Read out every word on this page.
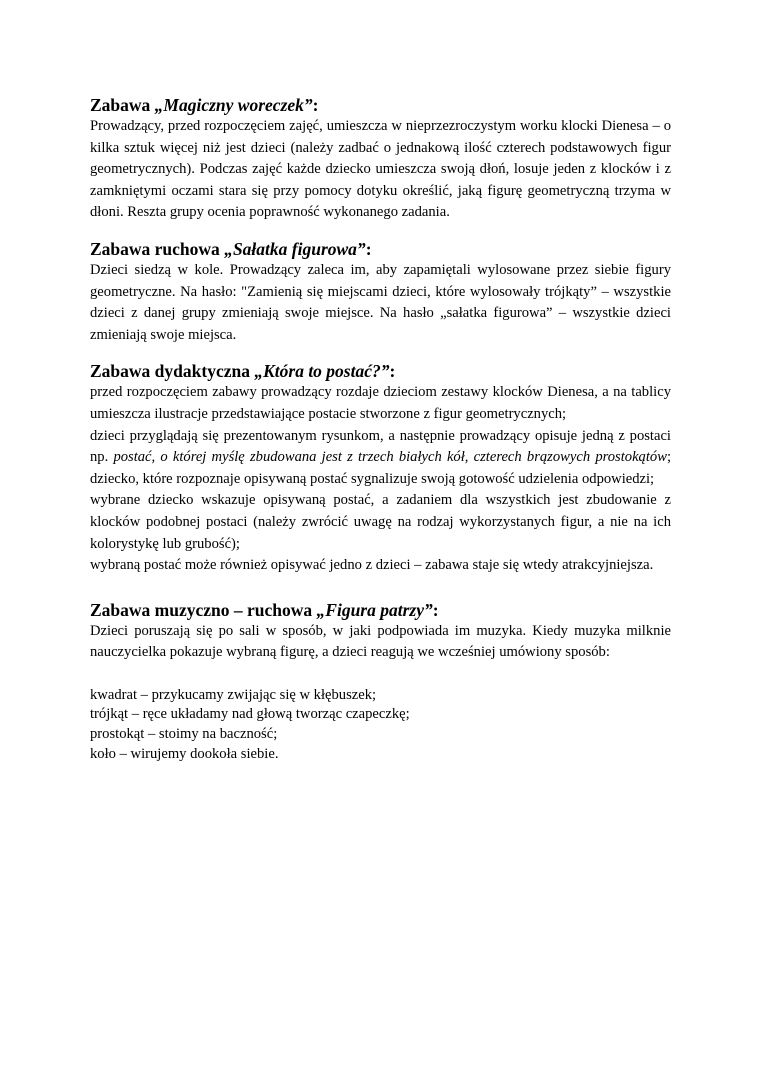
Zabawa „Magiczny woreczek”:

Prowadzący, przed rozpoczęciem zajęć, umieszcza w nieprzezroczystym worku klocki Dienesa – o kilka sztuk więcej niż jest dzieci (należy zadbać o jednakową ilość czterech podstawowych figur geometrycznych). Podczas zajęć każde dziecko umieszcza swoją dłoń, losuje jeden z klocków i z zamkniętymi oczami stara się przy pomocy dotyku określić, jaką figurę geometryczną trzyma w dłoni. Reszta grupy ocenia poprawność wykonanego zadania.

Zabawa ruchowa „Sałatka figurowa”:

Dzieci siedzą w kole. Prowadzący zaleca im, aby zapamiętali wylosowane przez siebie figury geometryczne. Na hasło: "Zamienią się miejscami dzieci, które wylosowały trójkąty” – wszystkie dzieci z danej grupy zmieniają swoje miejsce. Na hasło „sałatka figurowa” – wszystkie dzieci zmieniają swoje miejsca.

Zabawa dydaktyczna „Która to postać?”:

przed rozpoczęciem zabawy prowadzący rozdaje dzieciom zestawy klocków Dienesa, a na tablicy umieszcza ilustracje przedstawiające postacie stworzone z figur geometrycznych;

dzieci przyglądają się prezentowanym rysunkom, a następnie prowadzący opisuje jedną z postaci np. postać, o której myślę zbudowana jest z trzech białych kół, czterech brązowych prostokątów; dziecko, które rozpoznaje opisywaną postać sygnalizuje swoją gotowość udzielenia odpowiedzi;

wybrane dziecko wskazuje opisywaną postać, a zadaniem dla wszystkich jest zbudowanie z klocków podobnej postaci (należy zwrócić uwagę na rodzaj wykorzystanych figur, a nie na ich kolorystykę lub grubość);

wybraną postać może również opisywać jedno z dzieci – zabawa staje się wtedy atrakcyjniejsza.

Zabawa muzyczno – ruchowa „Figura patrzy”:

Dzieci poruszają się po sali w sposób, w jaki podpowiada im muzyka. Kiedy muzyka milknie nauczycielka pokazuje wybraną figurę, a dzieci reagują we wcześniej umówiony sposób:

kwadrat – przykucamy zwijając się w kłębuszek;

trójkąt – ręce układamy nad głową tworząc czapeczkę;

prostokąt – stoimy na baczność;

koło – wirujemy dookoła siebie.
